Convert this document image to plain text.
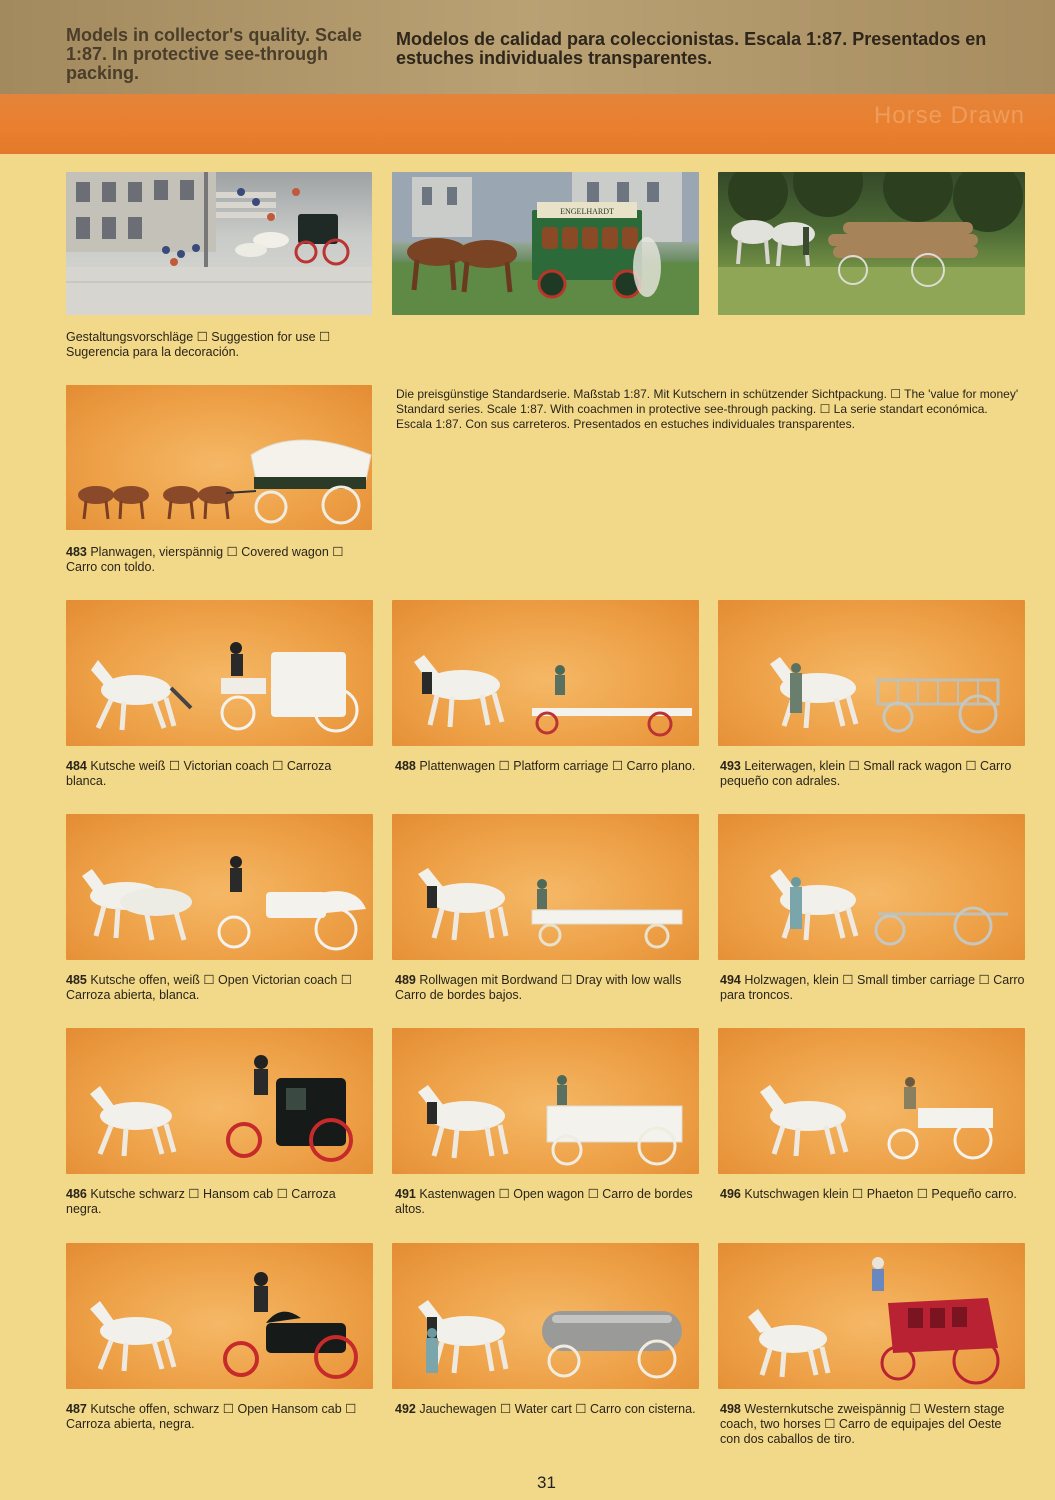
Models in collector's quality. Scale 1:87. In protective see-through packing.
Modelos de calidad para coleccionistas. Escala 1:87. Presentados en estuches individuales transparentes.
Horse Drawn
ENGELHARDT
Gestaltungsvorschläge ☐ Suggestion for use ☐ Sugerencia para la decoración.
483 Planwagen, vierspännig ☐ Covered wagon ☐ Carro con toldo.
Die preisgünstige Standardserie. Maßstab 1:87. Mit Kutschern in schützender Sichtpackung. ☐ The 'value for money' Standard series. Scale 1:87. With coachmen in protective see-through packing. ☐ La serie standart económica. Escala 1:87. Con sus carreteros. Presentados en estuches individuales transparentes.
484 Kutsche weiß ☐ Victorian coach ☐ Carroza blanca.
488 Plattenwagen ☐ Platform carriage ☐ Carro plano. 493 Leiterwagen, klein ☐ Small rack wagon ☐ Carro pequeño con adrales.
485 Kutsche offen, weiß ☐ Open Victorian coach ☐ Carroza abierta, blanca.
489 Rollwagen mit Bordwand ☐ Dray with low walls Carro de bordes bajos.
494 Holzwagen, klein ☐ Small timber carriage ☐ Carro para troncos.
486 Kutsche schwarz ☐ Hansom cab ☐ Carroza negra.
491 Kastenwagen ☐ Open wagon ☐ Carro de bordes altos.
496 Kutschwagen klein ☐ Phaeton ☐ Pequeño carro.
487 Kutsche offen, schwarz ☐ Open Hansom cab ☐ Carroza abierta, negra.
492 Jauchewagen ☐ Water cart ☐ Carro con cisterna. 498 Westernkutsche zweispännig ☐ Western stage coach, two horses ☐ Carro de equipajes del Oeste con dos caballos de tiro.
31
